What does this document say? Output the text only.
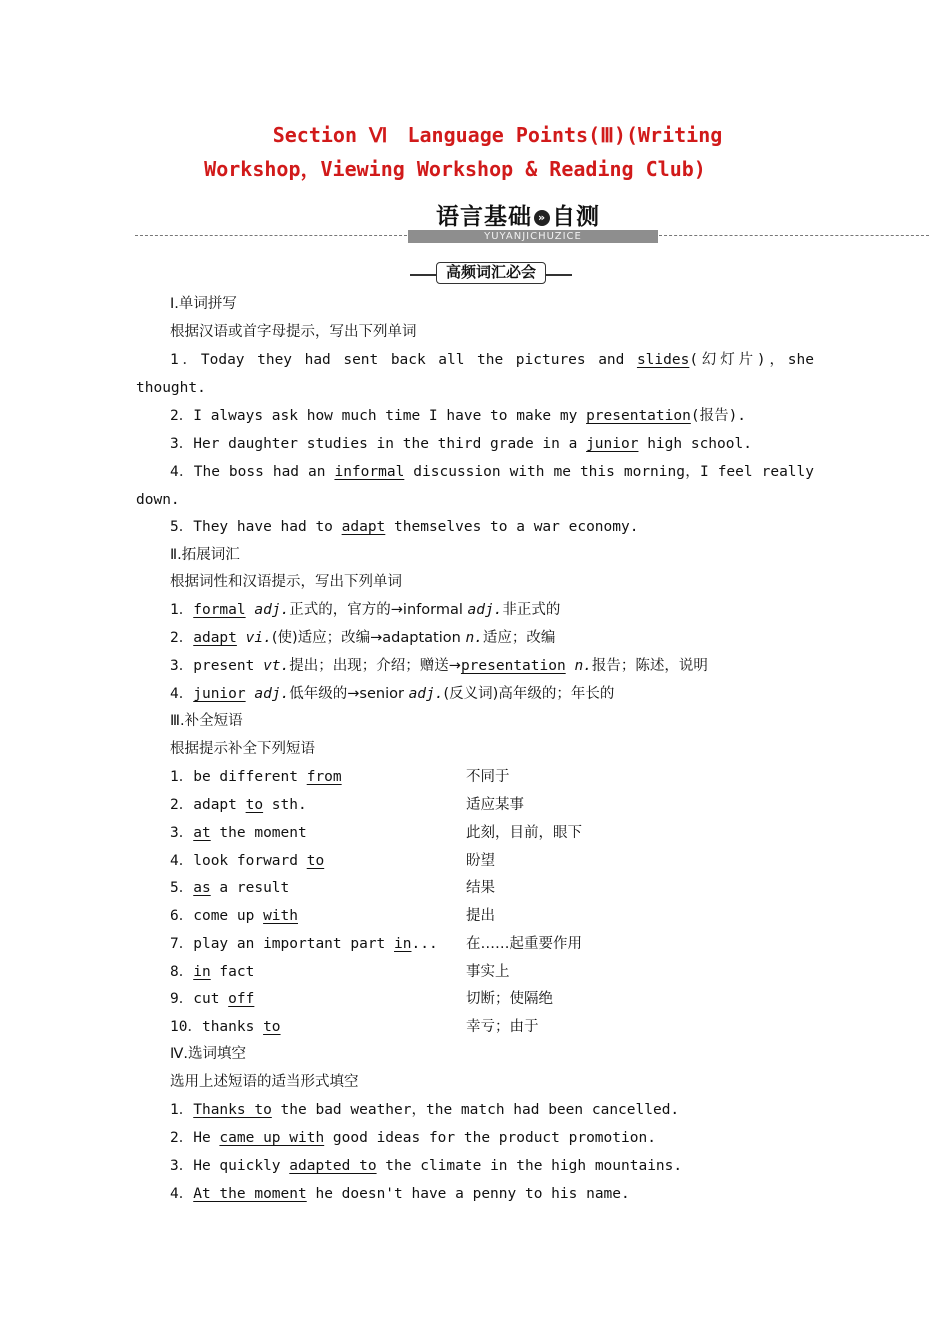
Section Ⅵ　Language Points(Ⅲ)(Writing
Workshop，Viewing Workshop & Reading Club)
语言基础 » 自测
YUYANJICHUZICE
高频词汇必会
Ⅰ.单词拼写
根据汉语或首字母提示，写出下列单词
1．Today they had sent back all the pictures and slides(幻灯片)，she
thought.
2．I always ask how much time I have to make my presentation(报告).
3．Her daughter studies in the third grade in a junior high school.
4．The boss had an informal discussion with me this morning，I feel really
down.
5．They have had to adapt themselves to a war economy.
Ⅱ.拓展词汇
根据词性和汉语提示，写出下列单词
1．formal adj.正式的，官方的→informal adj.非正式的
2．adapt vi.(使)适应；改编→adaptation n.适应；改编
3．present vt.提出；出现；介绍；赠送→presentation n.报告；陈述，说明
4．junior adj.低年级的→senior adj.(反义词)高年级的；年长的
Ⅲ.补全短语
根据提示补全下列短语
1．be different from	不同于
2．adapt to sth.	适应某事
3．at the moment	此刻，目前，眼下
4．look forward to	盼望
5．as a result	结果
6．come up with	提出
7．play an important part in... 在……起重要作用
8．in fact	事实上
9．cut off	切断；使隔绝
10．thanks to	幸亏；由于
Ⅳ.选词填空
选用上述短语的适当形式填空
1．Thanks to the bad weather，the match had been cancelled.
2．He came up with good ideas for the product promotion.
3．He quickly adapted to the climate in the high mountains.
4．At the moment he doesn't have a penny to his name.
